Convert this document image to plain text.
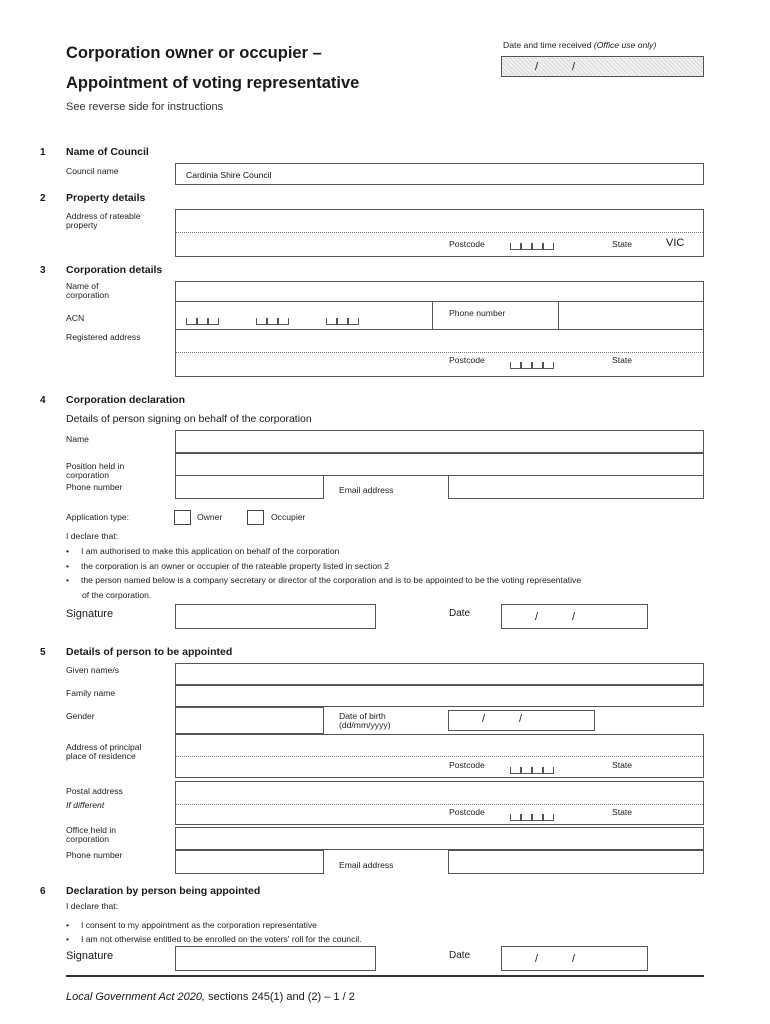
Corporation owner or occupier –
Appointment of voting representative
See reverse side for instructions
Date and time received (Office use only)
/	/
1 Name of Council
Council name	Cardinia Shire Council
2 Property details
Address of rateable property
Postcode	State	VIC
3 Corporation details
Name of corporation
ACN	Phone number
Registered address
Postcode	State
4 Corporation declaration
Details of person signing on behalf of the corporation
Name
Position held in corporation
Phone number	Email address
Application type:	Owner	Occupier
I declare that:
•     I am authorised to make this application on behalf of the corporation
•     the corporation is an owner or occupier of the rateable property listed in section 2
•     the person named below is a company secretary or director of the corporation and is to be appointed to be the voting representative
of the corporation.
Signature	Date	/	/
5 Details of person to be appointed
Given name/s
Family name
Gender	Date of birth (dd/mm/yyyy)	/	/
Address of principal place of residence
Postcode	State
Postal address
If different
Postcode	State
Office held in corporation
Phone number
Email address
6 Declaration by person being appointed
I declare that:
•     I consent to my appointment as the corporation representative
•     I am not otherwise entitled to be enrolled on the voters' roll for the council.
Signature	Date	/	/
Local Government Act 2020, sections 245(1) and (2) – 1 / 2
